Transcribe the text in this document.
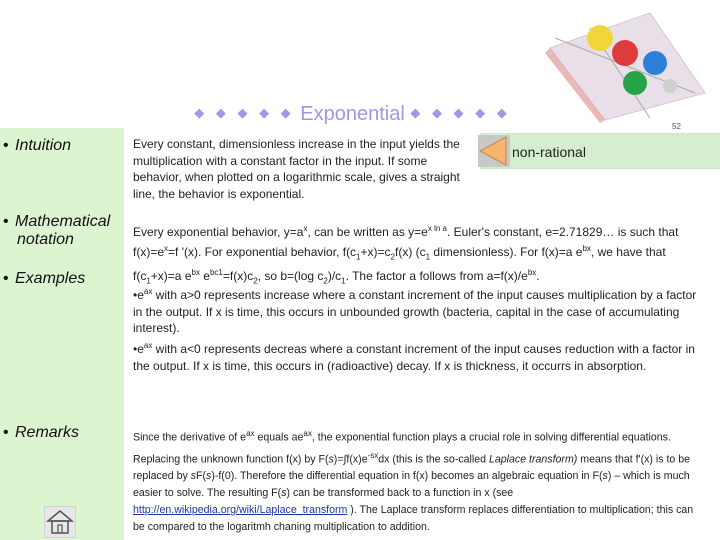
◆ ◆ ◆ ◆ ◆ Exponential ◆ ◆ ◆ ◆ ◆
52
• Intuition
• Mathematical
notation
• Examples
• Remarks
Every constant, dimensionless increase in the input yields the multiplication with a constant factor in the input. If some behavior, when plotted on a logarithmic scale, gives a straight line, the behavior is exponential.
non-rational
Every exponential behavior, $y=a^x$, can be written as $y=e^{x ln a}$. Euler's constant, e=2.71829… is such that $f(x)=e^x=f$ '(x). For exponential behavior, $f(c_1+x)=c_2f(x)$ ($c_1$ dimensionless). For f(x)=a $e^{bx}$, we have that $f(c_1+x)=a$ $e^{bx}$ $e^{bc1}=f(x)c_2$, so b=(log $c_2)/c_1$. The factor a follows from $a=f(x)/e^{bx}$.
$•e^{ax}$ with a>0 represents increase where a constant increment of the input causes multiplication by a factor in the output. If x is time, this occurs in unbounded growth (bacteria, capital in the case of accumulating interest).
$•e^{ax}$ with a<0 represents decreas where a constant increment of the input causes reduction with a factor in the output. If x is time, this occurs in (radioactive) decay. If x is thickness, it occurrs in absorption.
Since the derivative of $e^{ax}$ equals $ae^{ax}$, the exponential function plays a crucial role in solving differential equations. Replacing the unknown function f(x) by $F(s)=\int f(x)e^{-sx}dx$ (this is the so-called Laplace transform) means that f'(x) is to be replaced by sF(s)-f(0). Therefore the differential equation in f(x) becomes an algebraic equation in F(s) – which is much easier to solve. The resulting F(s) can be transformed back to a function in x (see http://en.wikipedia.org/wiki/Laplace_transform ). The Laplace transform replaces differentiation to multiplication; this can be compared to the logaritmh chaning multiplication to addition.
